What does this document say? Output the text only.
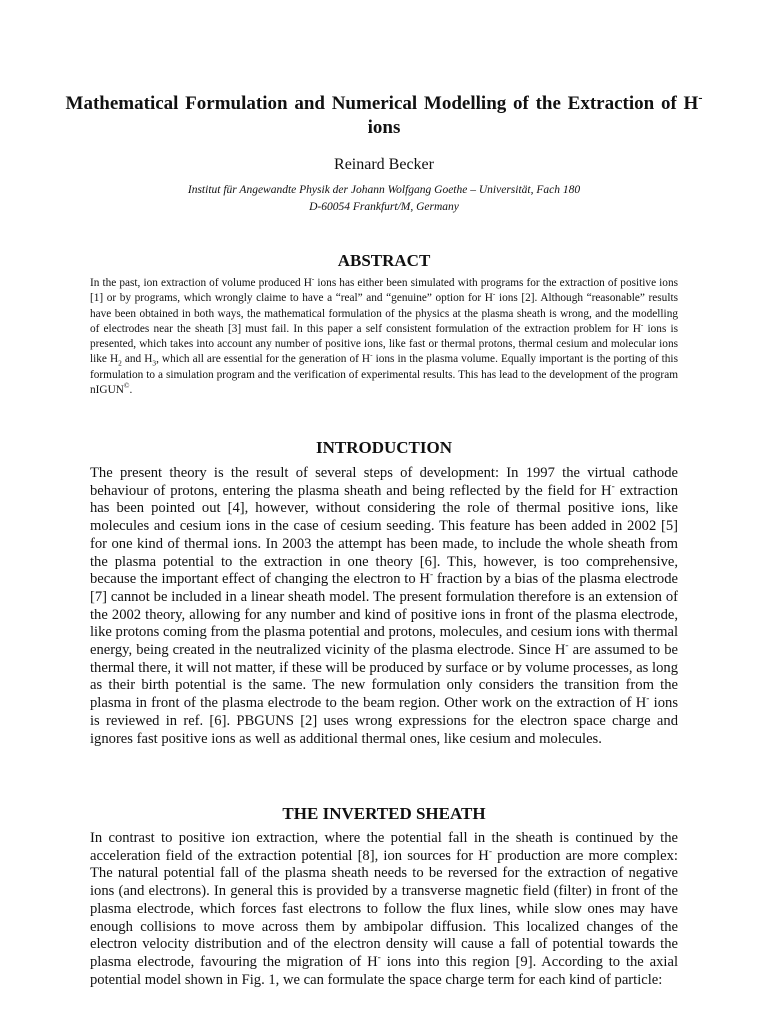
Mathematical Formulation and Numerical Modelling of the Extraction of H- ions
Reinard Becker
Institut für Angewandte Physik der Johann Wolfgang Goethe – Universität, Fach 180
D-60054 Frankfurt/M, Germany
ABSTRACT
In the past, ion extraction of volume produced H- ions has either been simulated with programs for the extraction of positive ions [1] or by programs, which wrongly claime to have a “real” and “genuine” option for H- ions [2]. Although “reasonable” results have been obtained in both ways, the mathematical formulation of the physics at the plasma sheath is wrong, and the modelling of electrodes near the sheath [3] must fail. In this paper a self consistent formulation of the extraction problem for H- ions is presented, which takes into account any number of positive ions, like fast or thermal protons, thermal cesium and molecular ions like $H_2$ and $H_3$, which all are essential for the generation of H- ions in the plasma volume. Equally important is the porting of this formulation to a simulation program and the verification of experimental results. This has lead to the development of the program nIGUN©.
INTRODUCTION
The present theory is the result of several steps of development: In 1997 the virtual cathode behaviour of protons, entering the plasma sheath and being reflected by the field for H- extraction has been pointed out [4], however, without considering the role of thermal positive ions, like molecules and cesium ions in the case of cesium seeding. This feature has been added in 2002 [5] for one kind of thermal ions. In 2003 the attempt has been made, to include the whole sheath from the plasma potential to the extraction in one theory [6]. This, however, is too comprehensive, because the important effect of changing the electron to H- fraction by a bias of the plasma electrode [7] cannot be included in a linear sheath model. The present formulation therefore is an extension of the 2002 theory, allowing for any number and kind of positive ions in front of the plasma electrode, like protons coming from the plasma potential and protons, molecules, and cesium ions with thermal energy, being created in the neutralized vicinity of the plasma electrode. Since H- are assumed to be thermal there, it will not matter, if these will be produced by surface or by volume processes, as long as their birth potential is the same. The new formulation only considers the transition from the plasma in front of the plasma electrode to the beam region. Other work on the extraction of H- ions is reviewed in ref. [6]. PBGUNS [2] uses wrong expressions for the electron space charge and ignores fast positive ions as well as additional thermal ones, like cesium and molecules.
THE INVERTED SHEATH
In contrast to positive ion extraction, where the potential fall in the sheath is continued by the acceleration field of the extraction potential [8], ion sources for H- production are more complex: The natural potential fall of the plasma sheath needs to be reversed for the extraction of negative ions (and electrons). In general this is provided by a transverse magnetic field (filter) in front of the plasma electrode, which forces fast electrons to follow the flux lines, while slow ones may have enough collisions to move across them by ambipolar diffusion. This localized changes of the electron velocity distribution and of the electron density will cause a fall of potential towards the plasma electrode, favouring the migration of H- ions into this region [9]. According to the axial potential model shown in Fig. 1, we can formulate the space charge term for each kind of particle:
